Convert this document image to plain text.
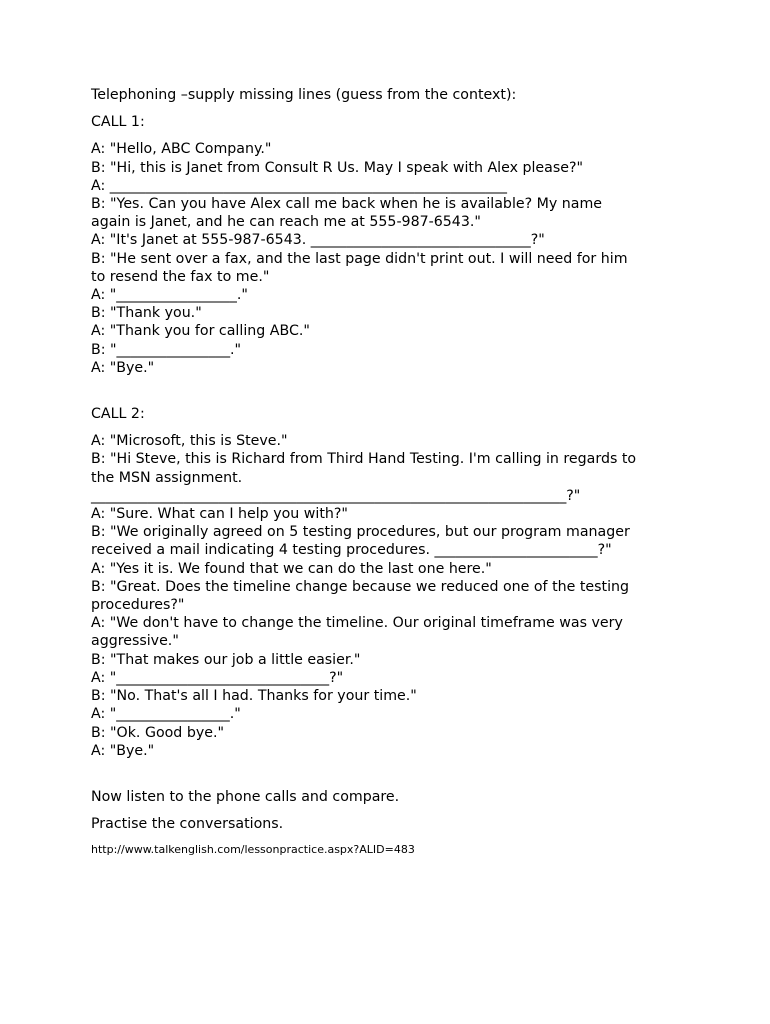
Telephoning –supply missing lines (guess from the context):

CALL 1:

A: "Hello, ABC Company."

B: "Hi, this is Janet from Consult R Us. May I speak with Alex please?"

A: ________________________________________________________

B: "Yes. Can you have Alex call me back when he is available? My name

again is Janet, and he can reach me at 555-987-6543."

A: "It's Janet at 555-987-6543. _______________________________?"

B: "He sent over a fax, and the last page didn't print out. I will need for him

to resend the fax to me."

A: "_________________."

B: "Thank you."

A: "Thank you for calling ABC."

B: "________________."

A: "Bye."

CALL 2:

A: "Microsoft, this is Steve."

B: "Hi Steve, this is Richard from Third Hand Testing. I'm calling in regards to

the MSN assignment.

___________________________________________________________________?"

A: "Sure. What can I help you with?"

B: "We originally agreed on 5 testing procedures, but our program manager

received a mail indicating 4 testing procedures. _______________________?"

A: "Yes it is. We found that we can do the last one here."

B: "Great. Does the timeline change because we reduced one of the testing

procedures?"

A: "We don't have to change the timeline. Our original timeframe was very

aggressive."

B: "That makes our job a little easier."

A: "______________________________?"

B: "No. That's all I had. Thanks for your time."

A: "________________."

B: "Ok. Good bye."

A: "Bye."

Now listen to the phone calls and compare.

Practise the conversations.

http://www.talkenglish.com/lessonpractice.aspx?ALID=483
